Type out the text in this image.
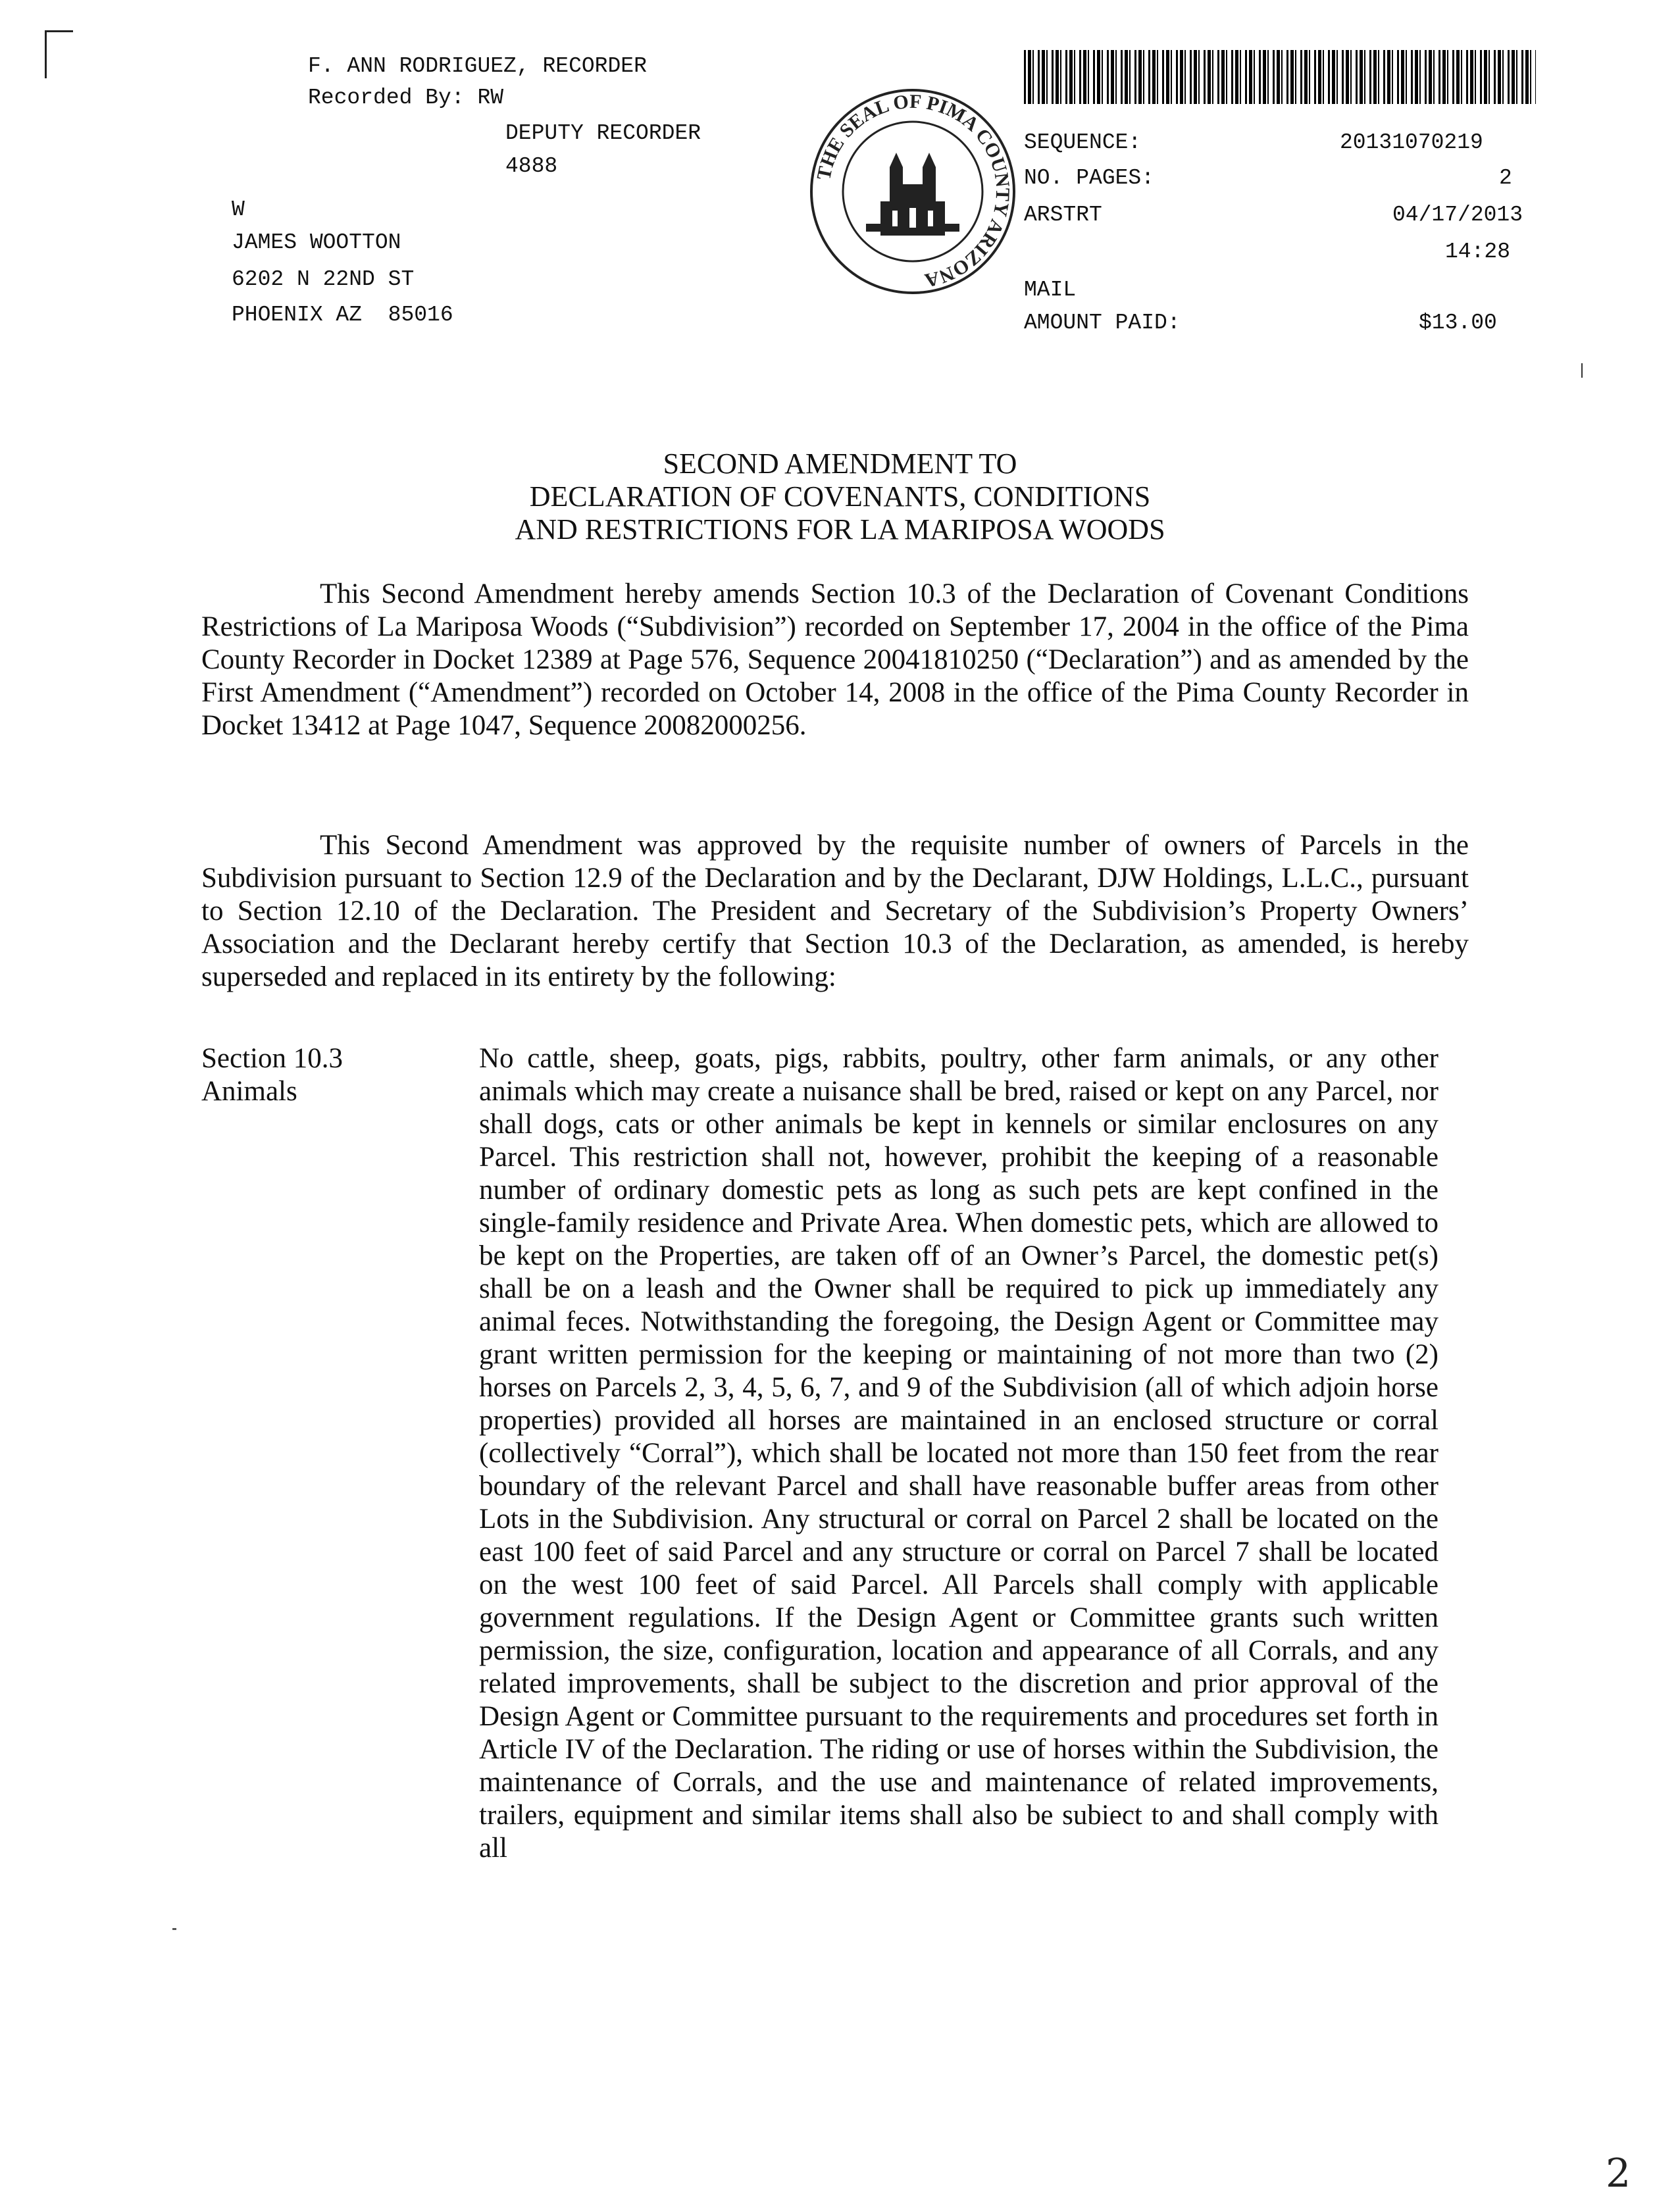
F. ANN RODRIGUEZ, RECORDER
Recorded By: RW
DEPUTY RECORDER
4888
W
JAMES WOOTTON
6202 N 22ND ST
PHOENIX AZ  85016
THE SEAL OF PIMA COUNTY ARIZONA
SEQUENCE:	20131070219
NO. PAGES:	2
ARSTRT	04/17/2013
14:28
MAIL
AMOUNT PAID:	$13.00
SECOND AMENDMENT TO
DECLARATION OF COVENANTS, CONDITIONS
AND RESTRICTIONS FOR LA MARIPOSA WOODS

This Second Amendment hereby amends Section 10.3 of the Declaration of Covenant Conditions Restrictions of La Mariposa Woods (“Subdivision”) recorded on September 17, 2004 in the office of the Pima County Recorder in Docket 12389 at Page 576, Sequence 20041810250 (“Declaration”) and as amended by the First Amendment (“Amendment”) recorded on October 14, 2008 in the office of the Pima County Recorder in Docket 13412 at Page 1047, Sequence 20082000256.

This Second Amendment was approved by the requisite number of owners of Parcels in the Subdivision pursuant to Section 12.9 of the Declaration and by the Declarant, DJW Holdings, L.L.C., pursuant to Section 12.10 of the Declaration. The President and Secretary of the Subdivision’s Property Owners’ Association and the Declarant hereby certify that Section 10.3 of the Declaration, as amended, is hereby superseded and replaced in its entirety by the following:

Section 10.3
Animals

No cattle, sheep, goats, pigs, rabbits, poultry, other farm animals, or any other animals which may create a nuisance shall be bred, raised or kept on any Parcel, nor shall dogs, cats or other animals be kept in kennels or similar enclosures on any Parcel. This restriction shall not, however, prohibit the keeping of a reasonable number of ordinary domestic pets as long as such pets are kept confined in the single-family residence and Private Area. When domestic pets, which are allowed to be kept on the Properties, are taken off of an Owner’s Parcel, the domestic pet(s) shall be on a leash and the Owner shall be required to pick up immediately any animal feces. Notwithstanding the foregoing, the Design Agent or Committee may grant written permission for the keeping or maintaining of not more than two (2) horses on Parcels 2, 3, 4, 5, 6, 7, and 9 of the Subdivision (all of which adjoin horse properties) provided all horses are maintained in an enclosed structure or corral (collectively “Corral”), which shall be located not more than 150 feet from the rear boundary of the relevant Parcel and shall have reasonable buffer areas from other Lots in the Subdivision. Any structural or corral on Parcel 2 shall be located on the east 100 feet of said Parcel and any structure or corral on Parcel 7 shall be located on the west 100 feet of said Parcel. All Parcels shall comply with applicable government regulations. If the Design Agent or Committee grants such written permission, the size, configuration, location and appearance of all Corrals, and any related improvements, shall be subject to the discretion and prior approval of the Design Agent or Committee pursuant to the requirements and procedures set forth in Article IV of the Declaration. The riding or use of horses within the Subdivision, the maintenance of Corrals, and the use and maintenance of related improvements, trailers, equipment and similar items shall also be subiect to and shall comply with all

2
